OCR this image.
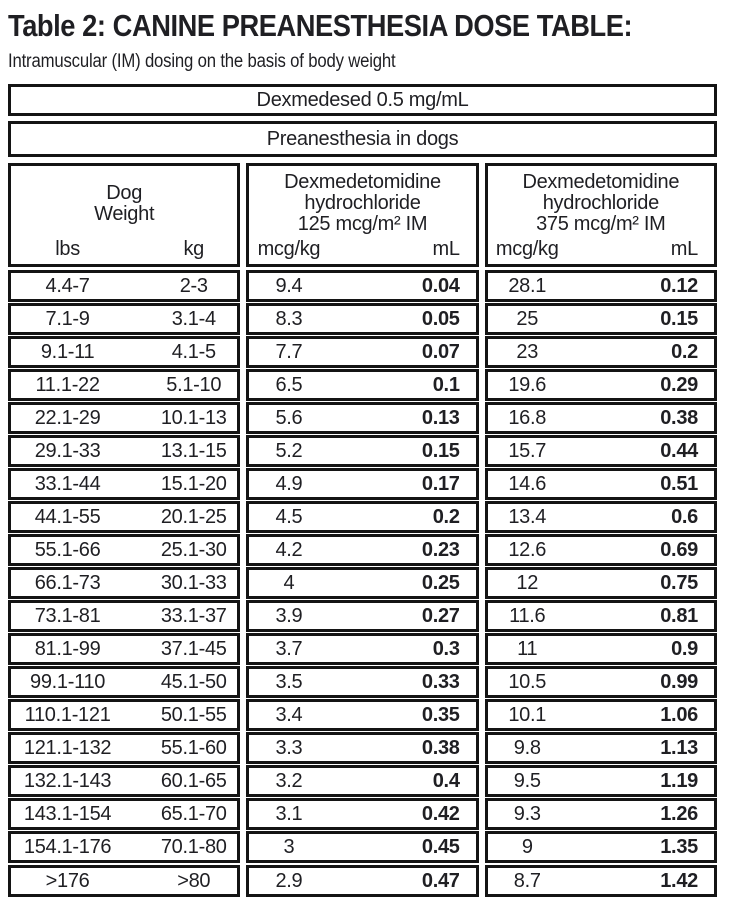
Table 2: CANINE PREANESTHESIA DOSE TABLE:

Intramuscular (IM) dosing on the basis of body weight

Dexmedesed 0.5 mg/mL
Preanesthesia in dogs
Dog
Weight
lbs	kg
Dexmedetomidine
hydrochloride
125 mcg/m² IM
mcg/kg	mL
Dexmedetomidine
hydrochloride
375 mcg/m² IM
mcg/kg	mL
4.4-7	2-3	9.4	0.04	28.1	0.12
7.1-9	3.1-4	8.3	0.05	25	0.15
9.1-11	4.1-5	7.7	0.07	23	0.2
11.1-22	5.1-10	6.5	0.1	19.6	0.29
22.1-29	10.1-13	5.6	0.13	16.8	0.38
29.1-33	13.1-15	5.2	0.15	15.7	0.44
33.1-44	15.1-20	4.9	0.17	14.6	0.51
44.1-55	20.1-25	4.5	0.2	13.4	0.6
55.1-66	25.1-30	4.2	0.23	12.6	0.69
66.1-73	30.1-33	4	0.25	12	0.75
73.1-81	33.1-37	3.9	0.27	11.6	0.81
81.1-99	37.1-45	3.7	0.3	11	0.9
99.1-110	45.1-50	3.5	0.33	10.5	0.99
110.1-121	50.1-55	3.4	0.35	10.1	1.06
121.1-132	55.1-60	3.3	0.38	9.8	1.13
132.1-143	60.1-65	3.2	0.4	9.5	1.19
143.1-154	65.1-70	3.1	0.42	9.3	1.26
154.1-176	70.1-80	3	0.45	9	1.35
>176	>80	2.9	0.47	8.7	1.42
